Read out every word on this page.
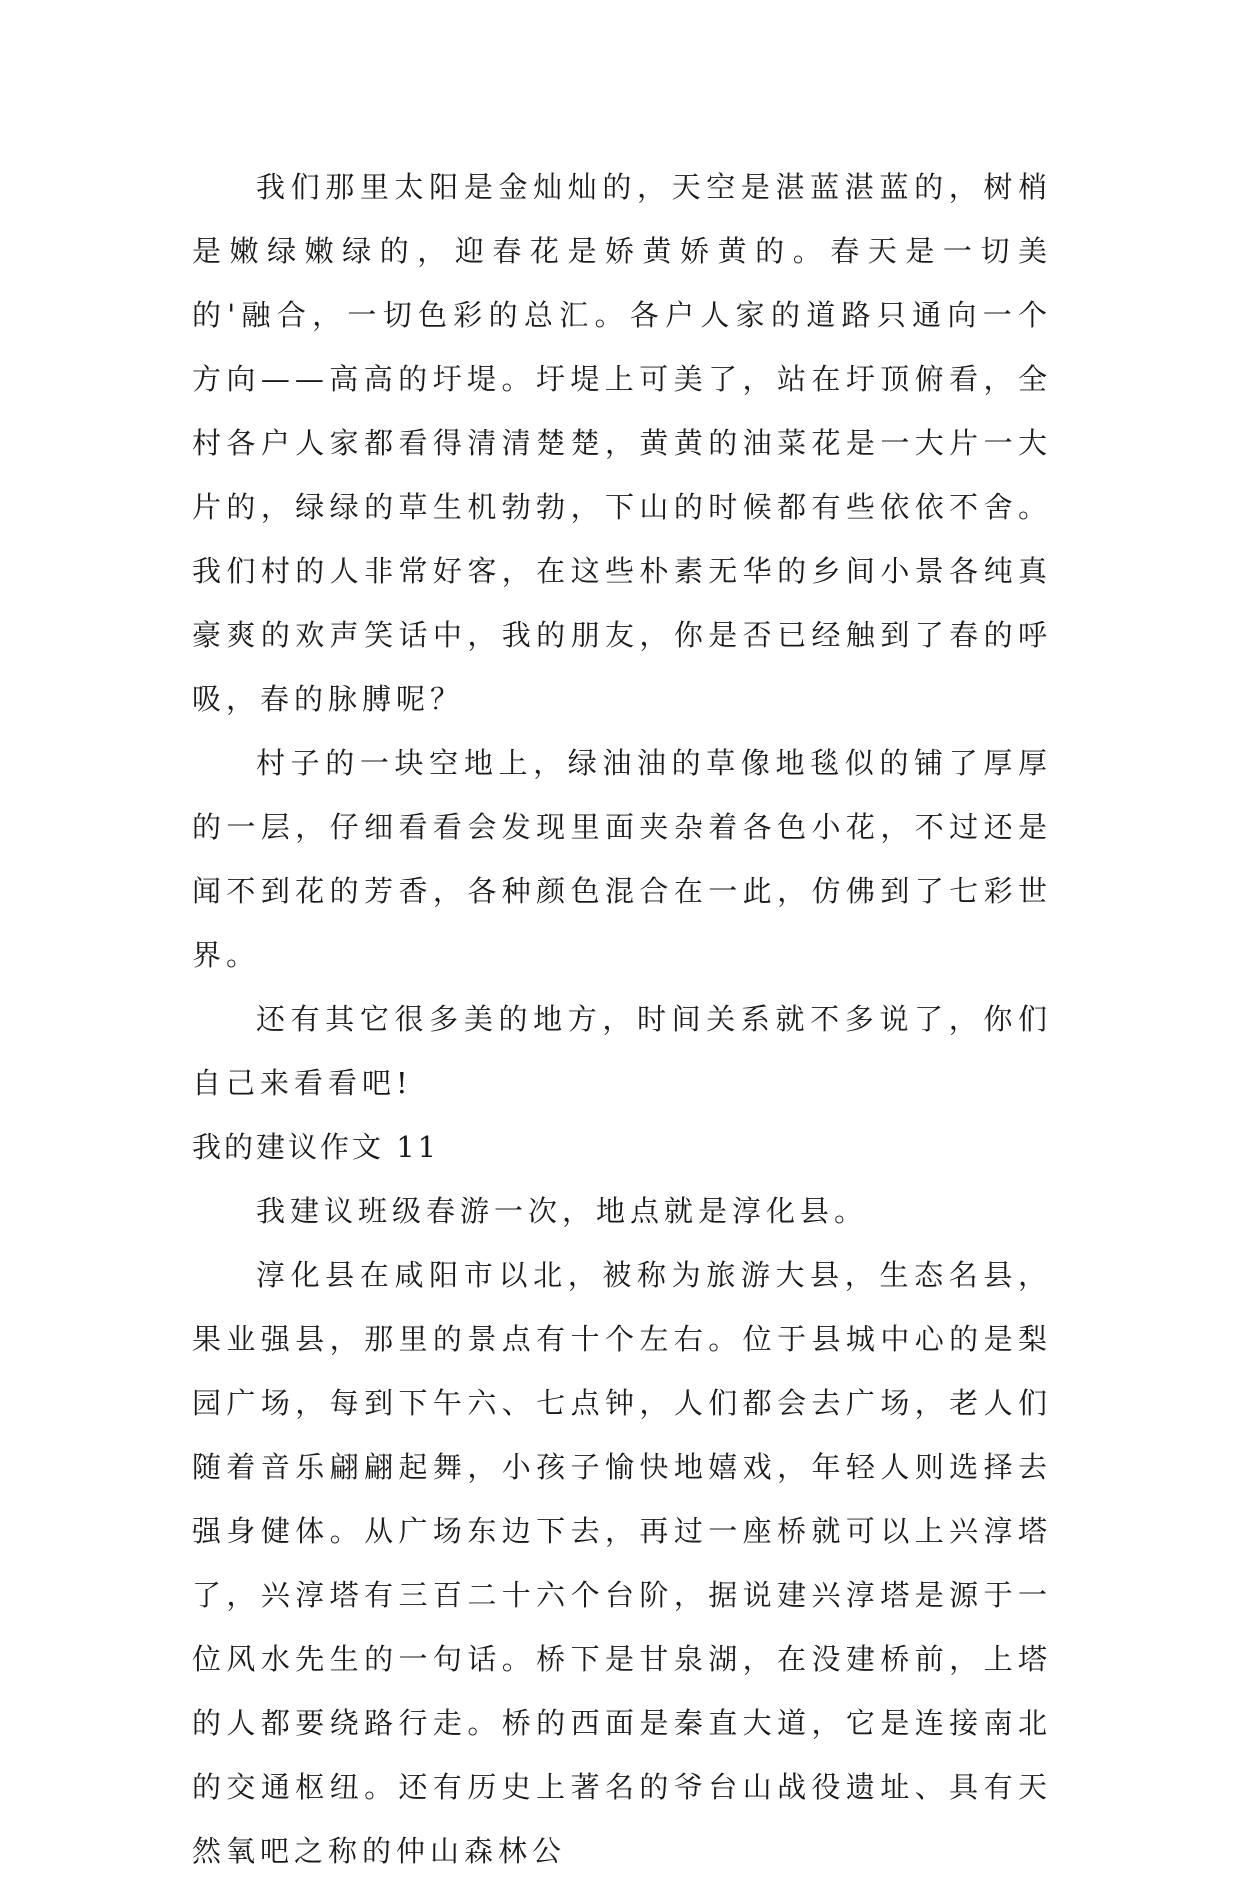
我们那里太阳是金灿灿的，天空是湛蓝湛蓝的，树梢是嫩绿嫩绿的，迎春花是娇黄娇黄的。春天是一切美的'融合，一切色彩的总汇。各户人家的道路只通向一个方向——高高的圩堤。圩堤上可美了，站在圩顶俯看，全村各户人家都看得清清楚楚，黄黄的油菜花是一大片一大片的，绿绿的草生机勃勃，下山的时候都有些依依不舍。我们村的人非常好客，在这些朴素无华的乡间小景各纯真豪爽的欢声笑话中，我的朋友，你是否已经触到了春的呼吸，春的脉膊呢？

村子的一块空地上，绿油油的草像地毯似的铺了厚厚的一层，仔细看看会发现里面夹杂着各色小花，不过还是闻不到花的芳香，各种颜色混合在一此，仿佛到了七彩世界。

还有其它很多美的地方，时间关系就不多说了，你们自己来看看吧!

我的建议作文 11

我建议班级春游一次，地点就是淳化县。

淳化县在咸阳市以北，被称为旅游大县，生态名县，果业强县，那里的景点有十个左右。位于县城中心的是梨园广场，每到下午六、七点钟，人们都会去广场，老人们随着音乐翩翩起舞，小孩子愉快地嬉戏，年轻人则选择去强身健体。从广场东边下去，再过一座桥就可以上兴淳塔了，兴淳塔有三百二十六个台阶，据说建兴淳塔是源于一位风水先生的一句话。桥下是甘泉湖，在没建桥前，上塔的人都要绕路行走。桥的西面是秦直大道，它是连接南北的交通枢纽。还有历史上著名的爷台山战役遗址、具有天然氧吧之称的仲山森林公
